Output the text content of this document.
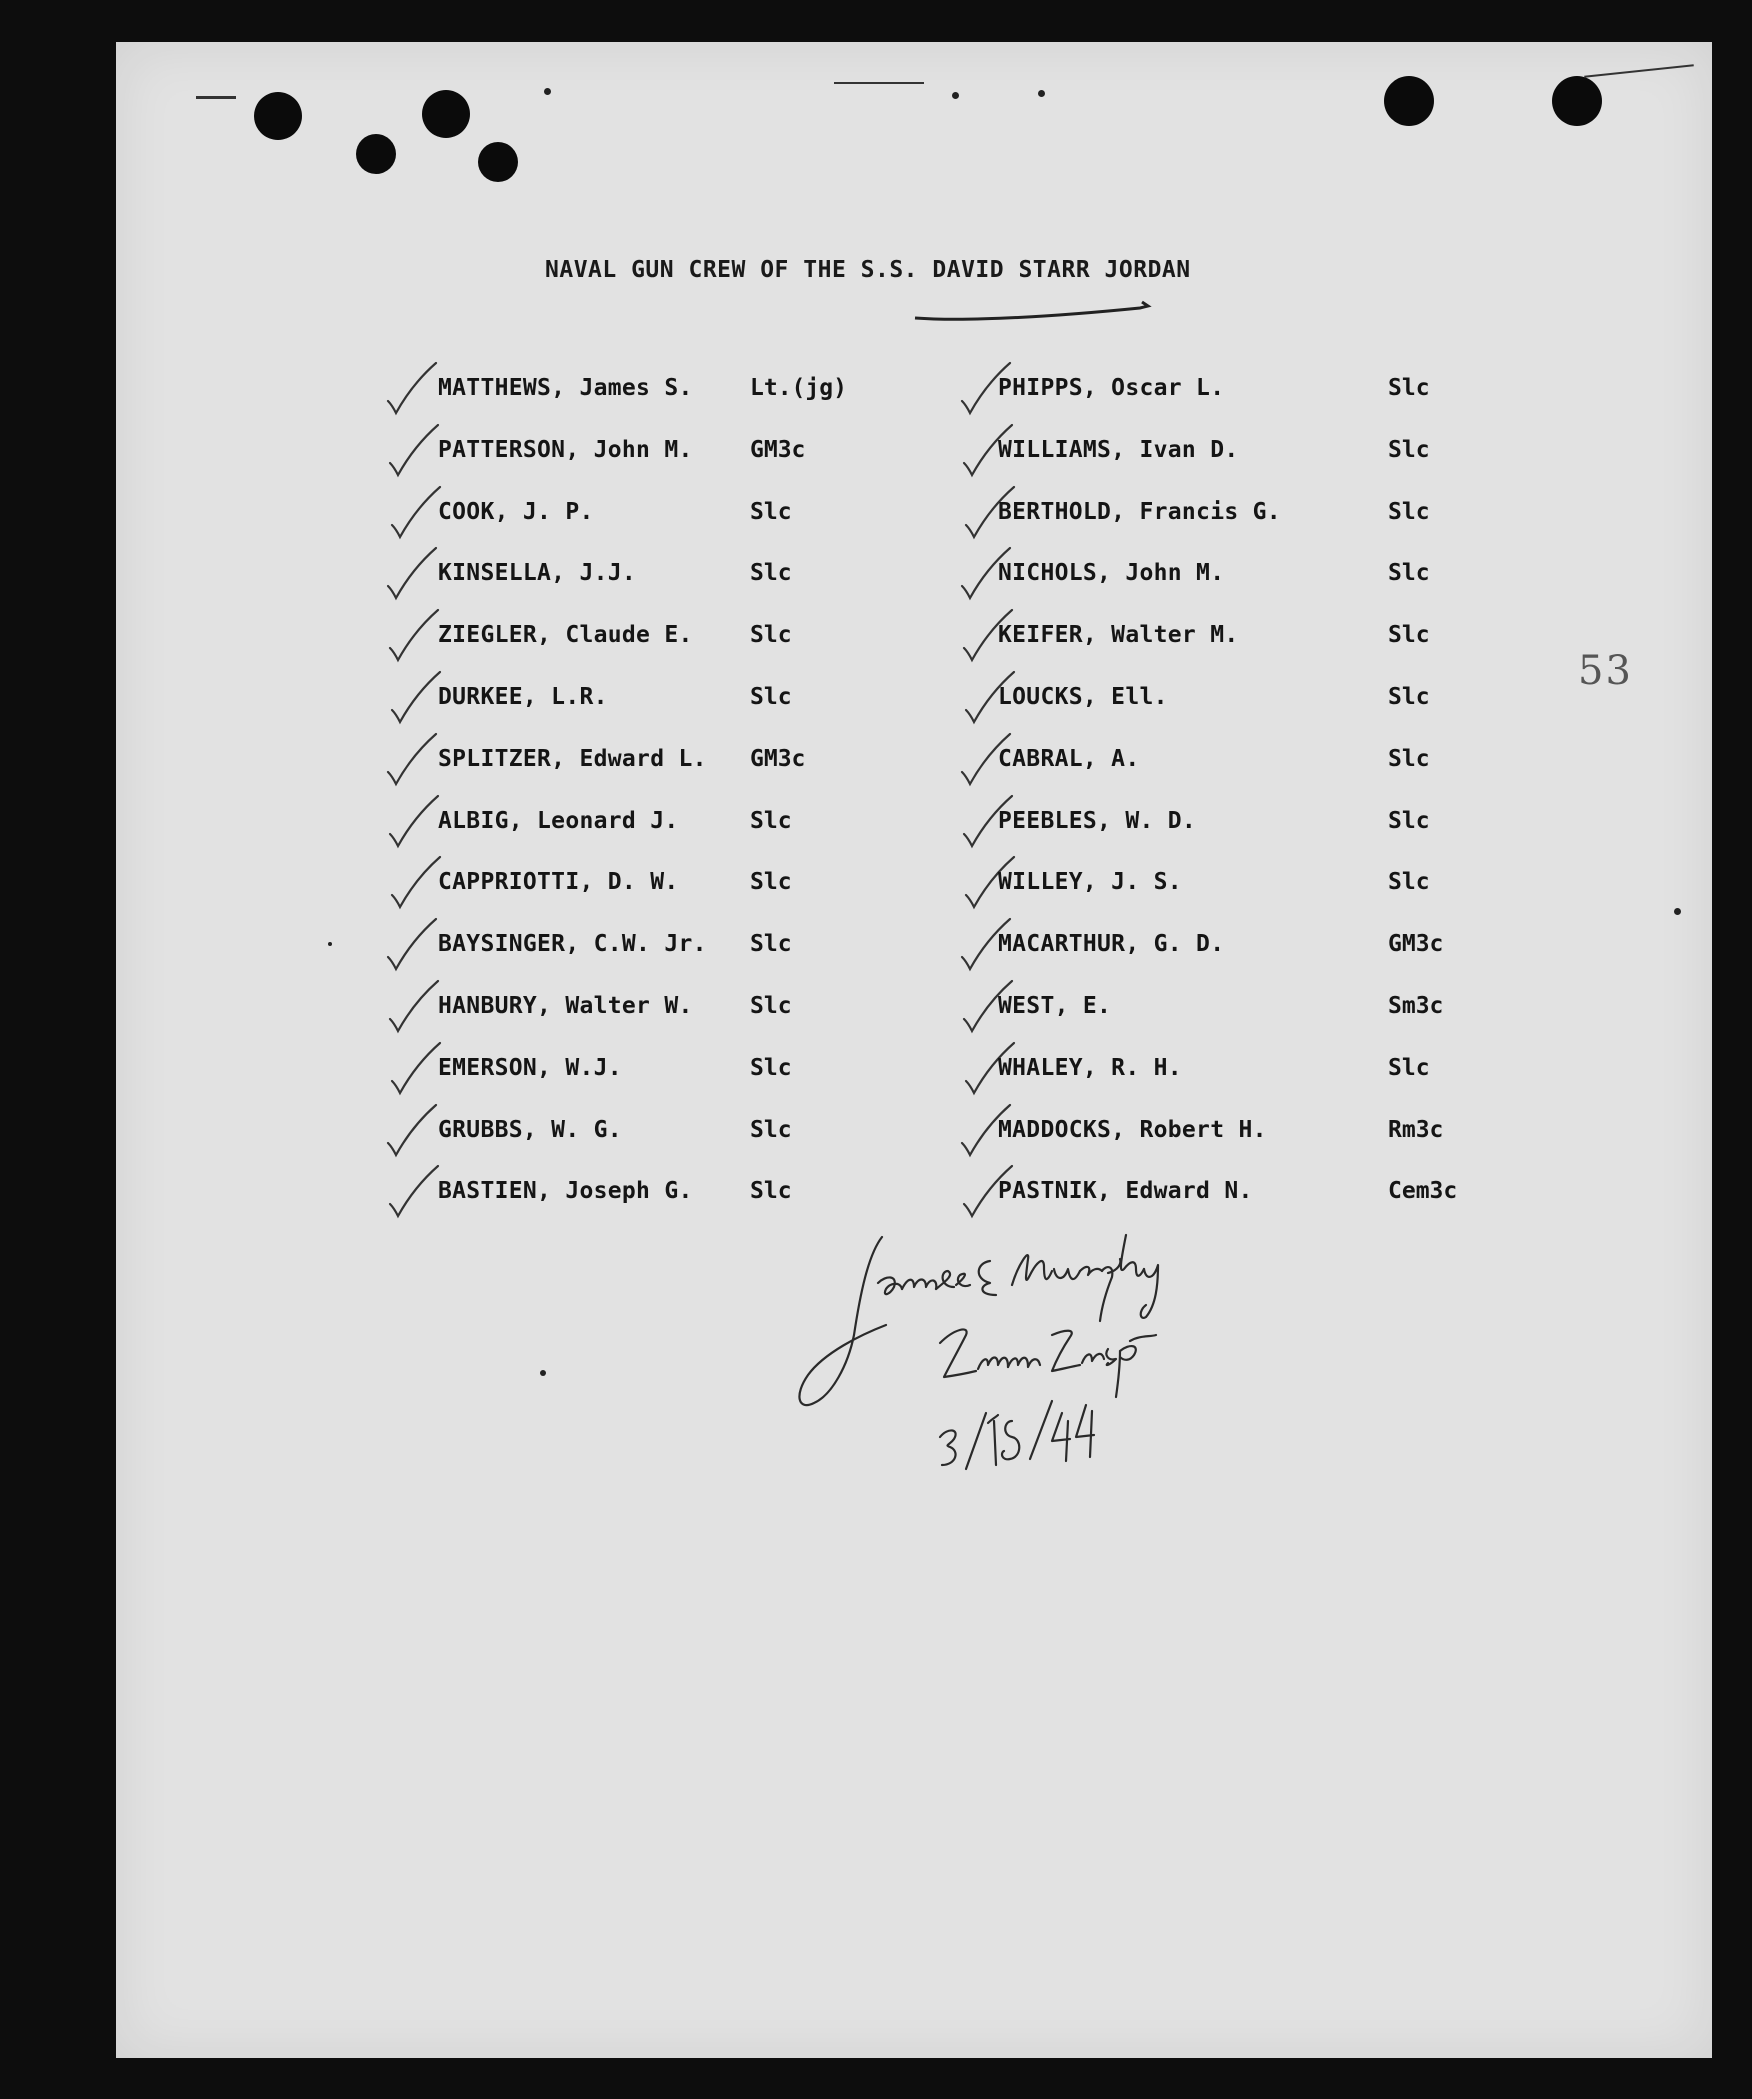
NAVAL GUN CREW OF THE S.S. DAVID STARR JORDAN
MATTHEWS, James S. Lt.(jg)
PATTERSON, John M. GM3c
COOK, J. P.	Slc
KINSELLA, J.J.	Slc
ZIEGLER, Claude E. Slc
DURKEE, L.R.	Slc
SPLITZER, Edward L. GM3c
ALBIG, Leonard J.	Slc
CAPPRIOTTI, D. W.	Slc
BAYSINGER, C.W. Jr. Slc
HANBURY, Walter W. Slc
EMERSON, W.J.	Slc
GRUBBS, W. G.	Slc
BASTIEN, Joseph G. Slc
PHIPPS, Oscar L.	Slc
WILLIAMS, Ivan D.	Slc
BERTHOLD, Francis G.	Slc
NICHOLS, John M.	Slc
KEIFER, Walter M.	Slc
LOUCKS, Ell.	Slc
CABRAL, A.	Slc
PEEBLES, W. D.	Slc
WILLEY, J. S.	Slc
MACARTHUR, G. D.	GM3c
WEST, E.	Sm3c
WHALEY, R. H.	Slc
MADDOCKS, Robert H.	Rm3c
PASTNIK, Edward N.	Cem3c
53
